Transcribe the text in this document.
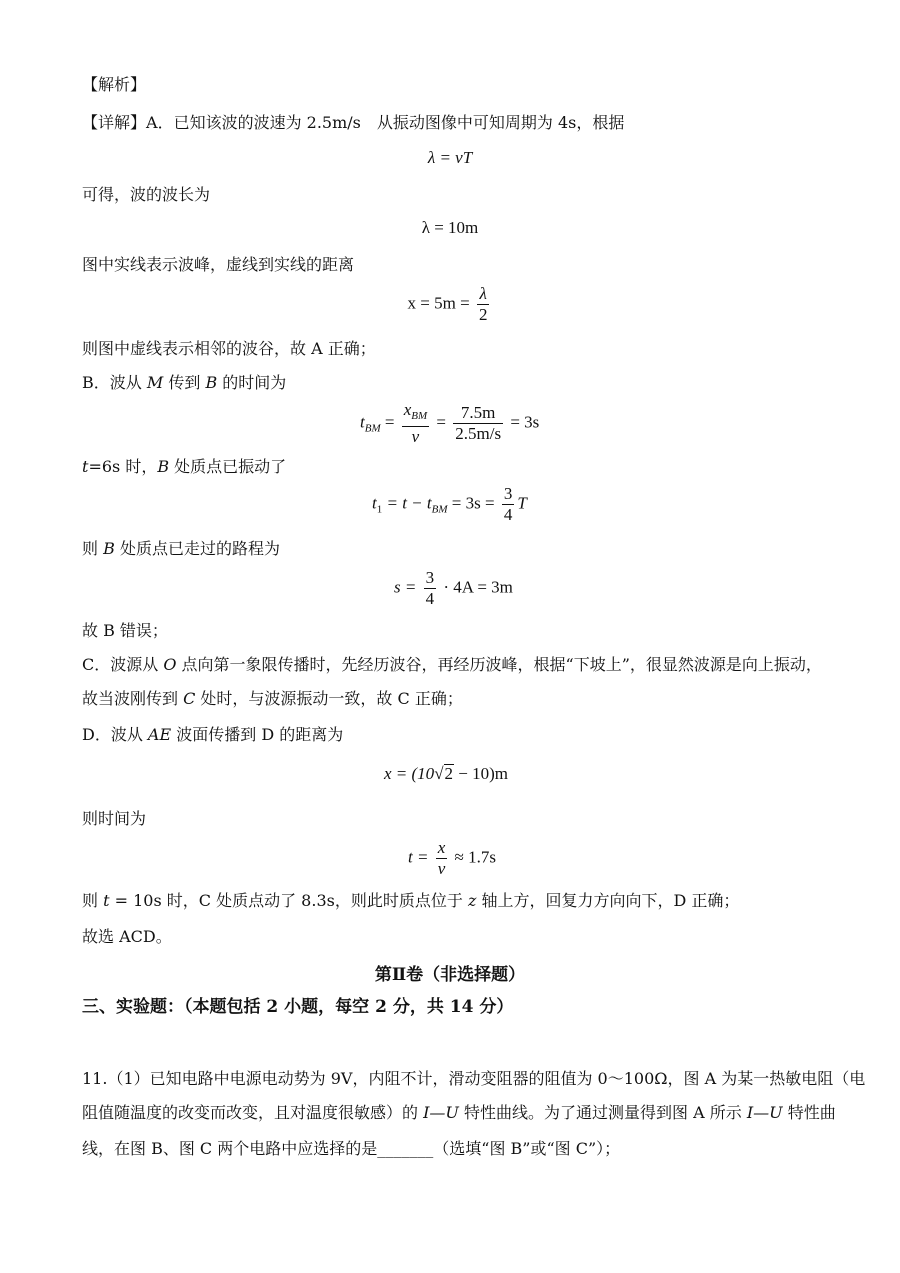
【解析】
【详解】A．已知该波的波速为 2.5m/s　从振动图像中可知周期为 4s，根据
λ = vT
可得，波的波长为
λ = 10m
图中实线表示波峰，虚线到实线的距离
$x = 5m = \frac{\lambda}{2}$
则图中虚线表示相邻的波谷，故 A 正确；
B．波从 M 传到 B 的时间为
$t_{BM} = \frac{x_{BM}}{v} = \frac{7.5m}{2.5m/s} = 3s$
t=6s 时，B 处质点已振动了
$t_1 = t - t_{BM} = 3s = \frac{3}{4}$ T
则 B 处质点已走过的路程为
$s = \frac{3}{4} \cdot 4A = 3m$
故 B 错误；
C．波源从 O 点向第一象限传播时，先经历波谷，再经历波峰，根据“下坡上”，很显然波源是向上振动，
故当波刚传到 C 处时，与波源振动一致，故 C 正确；
D．波从 AE 波面传播到 D 的距离为
x = (10√2 − 10)m
则时间为
$t = \frac{x}{v} \approx 1.7s$
则 t = 10s 时，C 处质点动了 8.3s，则此时质点位于 z 轴上方，回复力方向向下，D 正确；
故选 ACD。
第Ⅱ卷（非选择题）
三、实验题：（本题包括 2 小题，每空 2 分，共 14 分）
11.（1）已知电路中电源电动势为 9V，内阻不计，滑动变阻器的阻值为 0～100Ω，图 A 为某一热敏电阻（电
阻值随温度的改变而改变，且对温度很敏感）的 I—U 特性曲线。为了通过测量得到图 A 所示 I—U 特性曲
线，在图 B、图 C 两个电路中应选择的是_______（选填“图 B”或“图 C”）；
